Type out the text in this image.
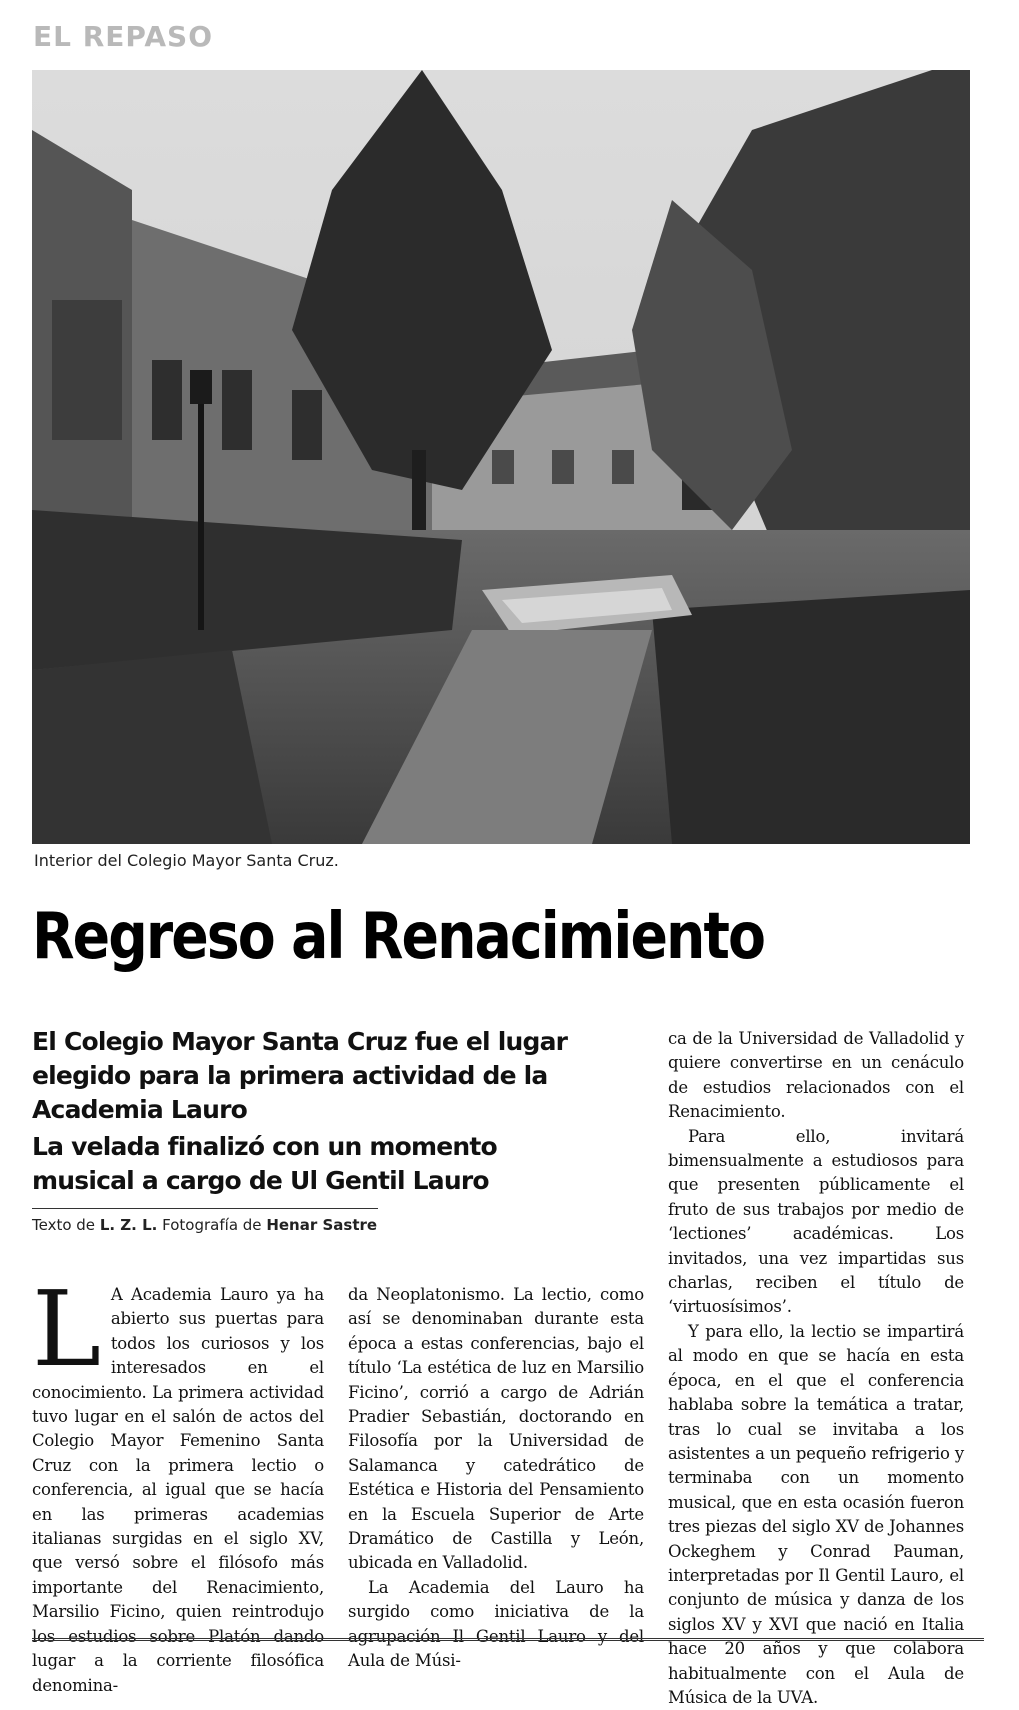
EL REPASO
Interior del Colegio Mayor Santa Cruz.
Regreso al Renacimiento
El Colegio Mayor Santa Cruz fue el lugar elegido para la primera actividad de la Academia Lauro
La velada finalizó con un momento musical a cargo de Ul Gentil Lauro
Texto de L. Z. L. Fotografía de Henar Sastre
L A Academia Lauro ya ha abierto sus puertas para todos los curiosos y los interesados en el conocimiento. La primera actividad tuvo lugar en el salón de actos del Colegio Mayor Femenino Santa Cruz con la primera lectio o conferencia, al igual que se hacía en las primeras academias italianas surgidas en el siglo XV, que versó sobre el filósofo más importante del Renacimiento, Marsilio Ficino, quien reintrodujo los estudios sobre Platón dando lugar a la corriente filosófica denomina-

da Neoplatonismo. La lectio, como así se denominaban durante esta época a estas conferencias, bajo el título ‘La estética de luz en Marsilio Ficino’, corrió a cargo de Adrián Pradier Sebastián, doctorando en Filosofía por la Universidad de Salamanca y catedrático de Estética e Historia del Pensamiento en la Escuela Superior de Arte Dramático de Castilla y León, ubicada en Valladolid.

La Academia del Lauro ha surgido como iniciativa de la agrupación Il Gentil Lauro y del Aula de Músi-

ca de la Universidad de Valladolid y quiere convertirse en un cenáculo de estudios relacionados con el Renacimiento.

Para ello, invitará bimensualmente a estudiosos para que presenten públicamente el fruto de sus trabajos por medio de ‘lectiones’ académicas. Los invitados, una vez impartidas sus charlas, reciben el título de ‘virtuosísimos’.

Y para ello, la lectio se impartirá al modo en que se hacía en esta época, en el que el conferencia hablaba sobre la temática a tratar, tras lo cual se invitaba a los asistentes a un pequeño refrigerio y terminaba con un momento musical, que en esta ocasión fueron tres piezas del siglo XV de Johannes Ockeghem y Conrad Pauman, interpretadas por Il Gentil Lauro, el conjunto de música y danza de los siglos XV y XVI que nació en Italia hace 20 años y que colabora habitualmente con el Aula de Música de la UVA.
